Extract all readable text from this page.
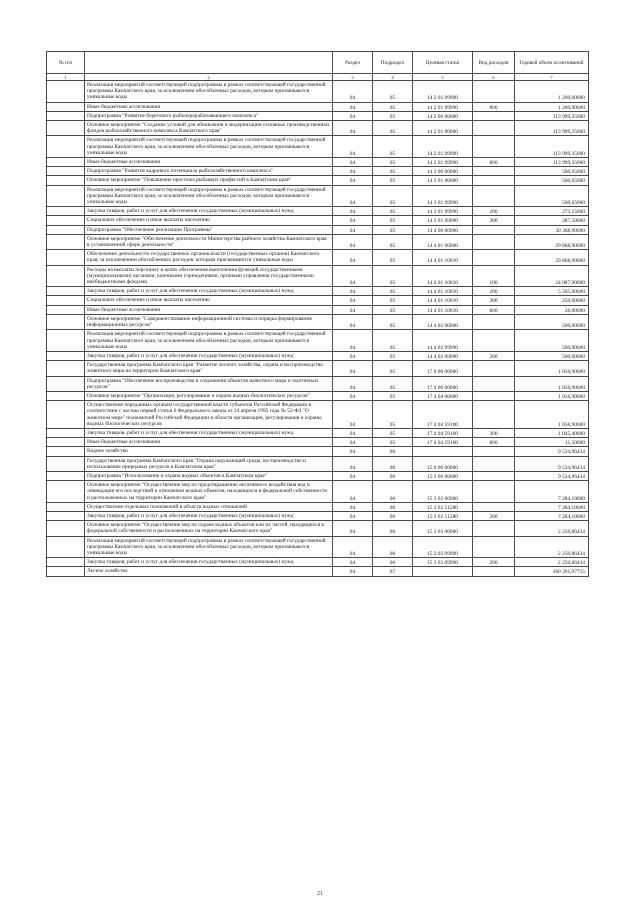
№ п/п		Раздел	Подраздел	Целевая статья	Вид расходов	Годовой объем ассигнований
1	2	3	4	5	6	7
	Реализация мероприятий соответствующей подпрограммы в рамках соответствующей государственной программы Камчатского края, за исключением обособленных расходов, которым присваиваются уникальные коды	04	05	14 2 01 09990		1 200,00000
	Иные бюджетные ассигнования	04	05	14 2 01 09990	800	1 200,00000
	Подпрограмма "Развитие берегового рыбоперерабатывающего комплекса"	04	05	14 2 00 00000		113 999,35000
	Основное мероприятие "Создание условий для обновления и модернизации основных производственных фондов рыбохозяйственного комплекса Камчатского края"	04	05	14 2 01 00000		113 999,35000
	Реализация мероприятий соответствующей подпрограммы в рамках соответствующей государственной программы Камчатского края, за исключением обособленных расходов, которым присваиваются уникальные коды	04	05	14 2 01 09990		113 999,35000
	Иные бюджетные ассигнования	04	05	14 2 01 09990	800	113 999,35000
	Подпрограмма "Развитие кадрового потенциала рыбохозяйственного комплекса"	04	05	14 3 00 00000		560,65000
	Основное мероприятие "Повышение престижа рыбацких профессий в Камчатском крае"	04	05	14 3 01 00000		560,65000
	Реализация мероприятий соответствующей подпрограммы в рамках соответствующей государственной программы Камчатского края, за исключением обособленных расходов, которым присваиваются уникальные коды	04	05	14 3 01 09990		560,65000
	Закупка товаров, работ и услуг для обеспечения государственных (муниципальных) нужд	04	05	14 3 01 09990	200	273,15000
	Социальное обеспечение и иные выплаты населению	04	05	14 3 01 09990	300	287,50000
	Подпрограмма "Обеспечение реализации Программы"	04	05	14 4 00 00000		30 368,90000
	Основное мероприятие "Обеспечение деятельности Министерства рыбного хозяйства Камчатского края в установленной сфере деятельности"	04	05	14 4 01 00000		29 868,90000
	Обеспечение деятельности государственных органов власти (государственных органов) Камчатского края, за исключением обособленных расходов, которым присваиваются уникальные коды	04	05	14 4 01 10010		29 868,90000
	Расходы на выплаты персоналу в целях обеспечения выполнения функций государственными (муниципальными) органами, казенными учреждениями, органами управления государственными внебюджетными фондами	04	05	14 4 01 10010	100	24 087,90000
	Закупка товаров, работ и услуг для обеспечения государственных (муниципальных) нужд	04	05	14 4 01 10010	200	5 505,00000
	Социальное обеспечение и иные выплаты населению	04	05	14 4 01 10010	300	250,00000
	Иные бюджетные ассигнования	04	05	14 4 01 10010	800	26,00000
	Основное мероприятие "Совершенствование информационной системы и порядка формирования информационных ресурсов"	04	05	14 4 02 00000		500,00000
	Реализация мероприятий соответствующей подпрограммы в рамках соответствующей государственной программы Камчатского края, за исключением обособленных расходов, которым присваиваются уникальные коды	04	05	14 4 02 09990		500,00000
	Закупка товаров, работ и услуг для обеспечения государственных (муниципальных) нужд	04	05	14 4 02 09990	200	500,00000
	Государственная программа Камчатского края "Развитие лесного хозяйства, охрана и воспроизводство животного мира на территории Камчатского края"	04	05	17 0 00 00000		1 056,90000
	Подпрограмма "Обеспечение воспроизводства и сохранения объектов животного мира и охотничьих ресурсов"	04	05	17 4 00 00000		1 056,90000
	Основное мероприятие "Организация, регулирование и охрана водных биологических ресурсов"	04	05	17 4 04 00000		1 056,90000
	Осуществление переданных органам государственной власти субъектов Российской Федерации в соответствии с частью первой статьи 6 Федерального закона от 24 апреля 1995 года № 52-ФЗ "О животном мире" полномочий Российской Федерации в области организации, регулирования и охраны водных биологических ресурсов	04	05	17 4 04 59100		1 056,90000
	Закупка товаров, работ и услуг для обеспечения государственных (муниципальных) нужд	04	05	17 4 04 59100	200	1 045,40000
	Иные бюджетные ассигнования	04	05	17 4 04 59100	800	11,50000
	Водное хозяйство	04	06			9 534,96434
	Государственная программа Камчатского края "Охрана окружающей среды, воспроизводство и использование природных ресурсов в Камчатском крае"	04	06	15 0 00 00000		9 534,96434
	Подпрограмма "Использование и охрана водных объектов в Камчатском крае"	04	06	15 3 00 00000		9 534,96434
	Основное мероприятие "Осуществление мер по предотвращению негативного воздействия вод и ликвидации его последствий в отношении водных объектов, находящихся в федеральной собственности и расположенных на территории Камчатского края"	04	06	15 3 02 00000		7 284,10000
	Осуществление отдельных полномочий в области водных отношений	04	06	15 3 02 51280		7 284,10000
	Закупка товаров, работ и услуг для обеспечения государственных (муниципальных) нужд	04	06	15 3 02 51280	200	7 284,10000
	Основное мероприятие "Осуществление мер по охране водных объектов или их частей, находящихся в федеральной собственности и расположенных на территории Камчатского края"	04	06	15 3 03 00000		2 250,86434
	Реализация мероприятий соответствующей подпрограммы в рамках соответствующей государственной программы Камчатского края, за исключением обособленных расходов, которым присваиваются уникальные коды	04	06	15 3 03 09990		2 250,86434
	Закупка товаров, работ и услуг для обеспечения государственных (муниципальных) нужд	04	06	15 3 03 09990	200	2 250,86434
	Лесное хозяйство	04	07			360 391,07715
21
